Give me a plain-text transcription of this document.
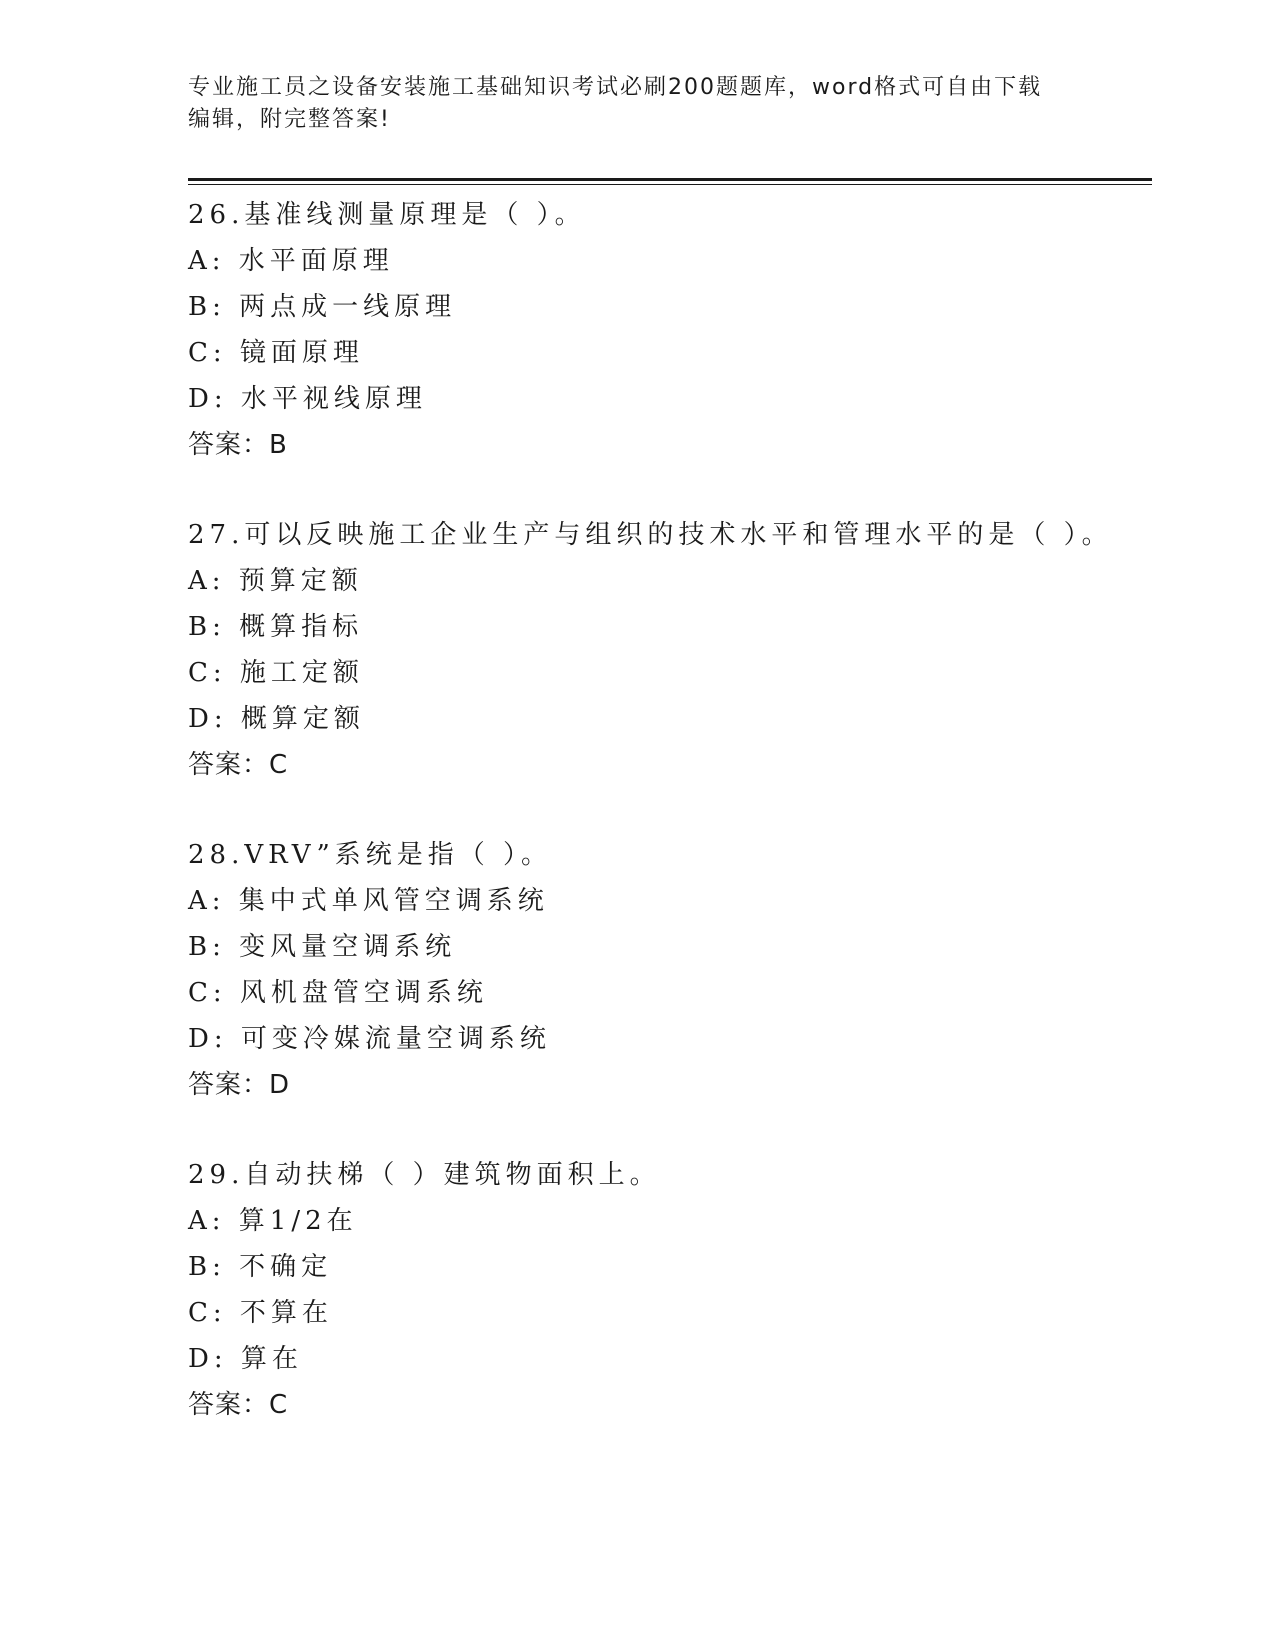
专业施工员之设备安装施工基础知识考试必刷200题题库，word格式可自由下载
编辑，附完整答案!
26.基准线测量原理是（ ）。
A: 水平面原理
B: 两点成一线原理
C: 镜面原理
D: 水平视线原理
答案：B
27.可以反映施工企业生产与组织的技术水平和管理水平的是（ ）。
A: 预算定额
B: 概算指标
C: 施工定额
D: 概算定额
答案：C
28.VRV”系统是指（ ）。
A: 集中式单风管空调系统
B: 变风量空调系统
C: 风机盘管空调系统
D: 可变冷媒流量空调系统
答案：D
29.自动扶梯（ ）建筑物面积上。
A: 算1/2在
B: 不确定
C: 不算在
D: 算在
答案：C
